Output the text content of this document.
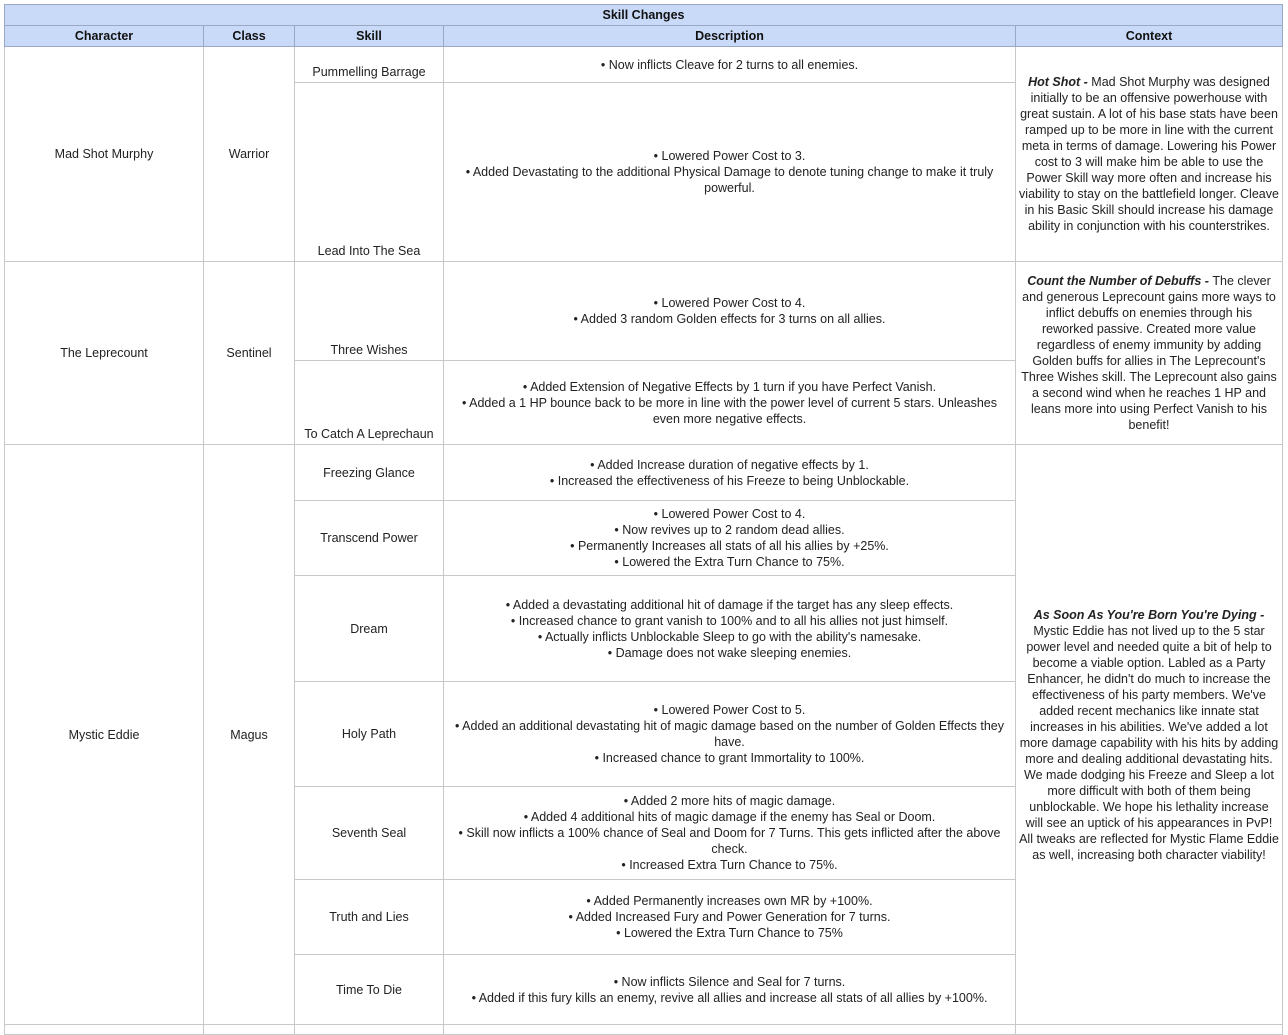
Skill Changes				
Character	Class	Skill	Description	Context
Mad Shot Murphy	Warrior	Pummelling Barrage	• Now inflicts Cleave for 2 turns to all enemies.	Hot Shot - Mad Shot Murphy was designed initially to be an offensive powerhouse with great sustain. A lot of his base stats have been ramped up to be more in line with the current meta in terms of damage. Lowering his Power cost to 3 will make him be able to use the Power Skill way more often and increase his viability to stay on the battlefield longer. Cleave in his Basic Skill should increase his damage ability in conjunction with his counterstrikes.
		Lead Into The Sea	• Lowered Power Cost to 3.
• Added Devastating to the additional Physical Damage to denote tuning change to make it truly powerful.	

The Leprecount	Sentinel	Three Wishes	• Lowered Power Cost to 4.
• Added 3 random Golden effects for 3 turns on all allies.	Count the Number of Debuffs - The clever and generous Leprecount gains more ways to inflict debuffs on enemies through his reworked passive. Created more value regardless of enemy immunity by adding Golden buffs for allies in The Leprecount's Three Wishes skill. The Leprecount also gains a second wind when he reaches 1 HP and leans more into using Perfect Vanish to his benefit!
		To Catch A Leprechaun	• Added Extension of Negative Effects by 1 turn if you have Perfect Vanish.
• Added a 1 HP bounce back to be more in line with the power level of current 5 stars. Unleashes even more negative effects.	

Mystic Eddie	Magus	Freezing Glance	• Added Increase duration of negative effects by 1.
• Increased the effectiveness of his Freeze to being Unblockable.	As Soon As You're Born You're Dying - Mystic Eddie has not lived up to the 5 star power level and needed quite a bit of help to become a viable option. Labled as a Party Enhancer, he didn't do much to increase the effectiveness of his party members. We've added recent mechanics like innate stat increases in his abilities. We've added a lot more damage capability with his hits by adding more and dealing additional devastating hits. We made dodging his Freeze and Sleep a lot more difficult with both of them being unblockable. We hope his lethality increase will see an uptick of his appearances in PvP! All tweaks are reflected for Mystic Flame Eddie as well, increasing both character viability!
		Transcend Power	• Lowered Power Cost to 4.
• Now revives up to 2 random dead allies.
• Permanently Increases all stats of all his allies by +25%.
• Lowered the Extra Turn Chance to 75%.	

		Dream	• Added a devastating additional hit of damage if the target has any sleep effects.
• Increased chance to grant vanish to 100% and to all his allies not just himself.
• Actually inflicts Unblockable Sleep to go with the ability's namesake.
• Damage does not wake sleeping enemies.	

		Holy Path	• Lowered Power Cost to 5.
• Added an additional devastating hit of magic damage based on the number of Golden Effects they have.
• Increased chance to grant Immortality to 100%.	

		Seventh Seal	• Added 2 more hits of magic damage.
• Added 4 additional hits of magic damage if the enemy has Seal or Doom.
• Skill now inflicts a 100% chance of Seal and Doom for 7 Turns. This gets inflicted after the above check.
• Increased Extra Turn Chance to 75%.	

		Truth and Lies	• Added Permanently increases own MR by +100%.
• Added Increased Fury and Power Generation for 7 turns.
• Lowered the Extra Turn Chance to 75%	

		Time To Die	• Now inflicts Silence and Seal for 7 turns.
• Added if this fury kills an enemy, revive all allies and increase all stats of all allies by +100%.	
